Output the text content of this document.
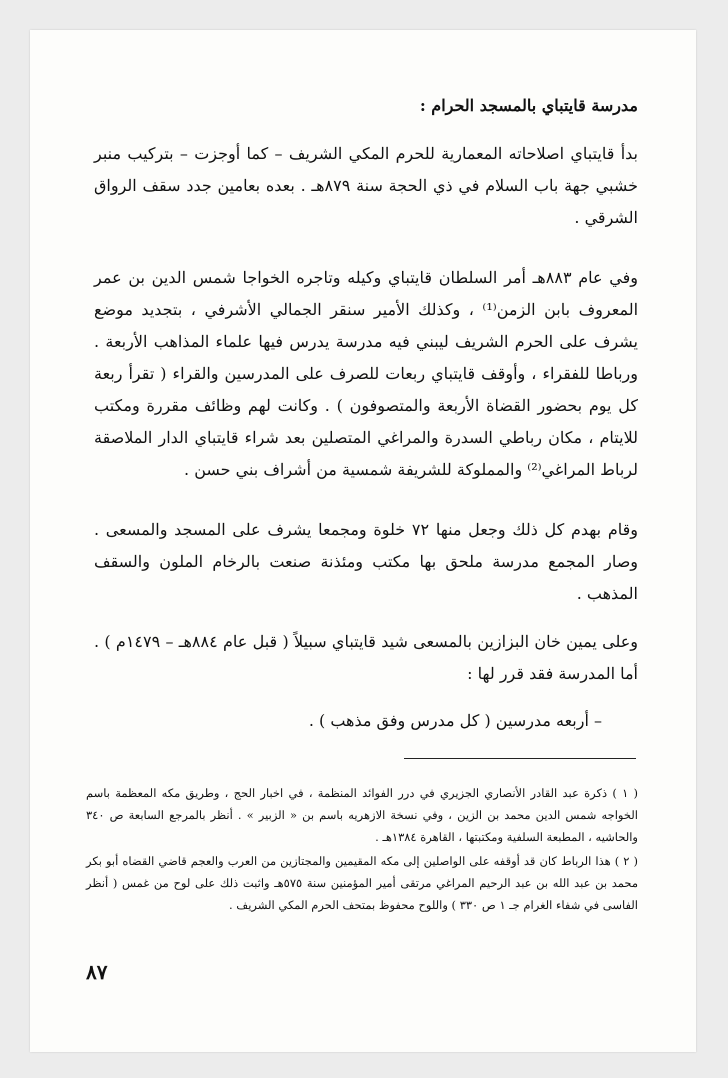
مدرسة قايتباي بالمسجد الحرام :

بدأ قايتباي اصلاحاته المعمارية للحرم المكي الشريف – كما أوجزت – بتركيب منبر خشبي جهة باب السلام في ذي الحجة سنة ٨٧٩هـ . بعده بعامين جدد سقف الرواق الشرقي .

وفي عام ٨٨٣هـ أمر السلطان قايتباي وكيله وتاجره الخواجا شمس الدين بن عمر المعروف بابن الزمن⁽¹⁾ ، وكذلك الأمير سنقر الجمالي الأشرفي ، بتجديد موضع يشرف على الحرم الشريف ليبني فيه مدرسة يدرس فيها علماء المذاهب الأربعة . ورباطا للفقراء ، وأوقف قايتباي ربعات للصرف على المدرسين والقراء ( تقرأ ربعة كل يوم بحضور القضاة الأربعة والمتصوفون ) . وكانت لهم وظائف مقررة ومكتب للايتام ، مكان رباطي السدرة والمراغي المتصلين بعد شراء قايتباي الدار الملاصقة لرباط المراغي⁽²⁾ والمملوكة للشريفة شمسية من أشراف بني حسن .

وقام بهدم كل ذلك وجعل منها ٧٢ خلوة ومجمعا يشرف على المسجد والمسعى . وصار المجمع مدرسة ملحق بها مكتب ومئذنة صنعت بالرخام الملون والسقف المذهب .

وعلى يمين خان البزازين بالمسعى شيد قايتباي سبيلاً ( قبل عام ٨٨٤هـ – ١٤٧٩م ) . أما المدرسة فقد قرر لها :

– أربعه مدرسين ( كل مدرس وفق مذهب ) .

( ١ ) ذكرة عبد القادر الأنصاري الجزيري في درر الفوائد المنظمة ، في اخبار الحج ، وطريق مكه المعظمة باسم الخواجه شمس الدين محمد بن الزين ، وفي نسخة الازهريه باسم بن « الزبير » . أنظر بالمرجع السابعة ص ٣٤٠ والحاشيه ، المطبعة السلفية ومكتبتها ، القاهرة ١٣٨٤هـ .

( ٢ ) هذا الرباط كان قد أوقفه على الواصلين إلى مكه المقيمين والمجتازين من العرب والعجم قاضي القضاه أبو بكر محمد بن عبد الله بن عبد الرحيم المراغي مرتقى أمير المؤمنين سنة ٥٧٥هـ واثبت ذلك على لوح من غمس ( أنظر الفاسى في شفاء الغرام جـ ١ ص ٣٣٠ ) واللوح محفوظ بمتحف الحرم المكي الشريف .

٨٧
